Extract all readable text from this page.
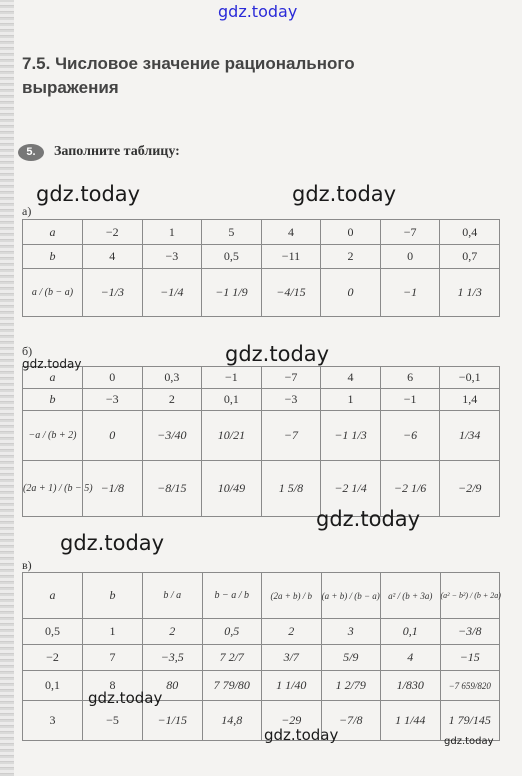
gdz.today
7.5. Числовое значение рационального выражения
5. Заполните таблицу:
а)
a	−2	1	5	4	0	−7	0,4
b	4	−3	0,5	−11	2	0	0,7
a / (b − a)	−1/3	−1/4	−1 1/9	−4/15	0	−1	1 1/3
б)
a	0	0,3	−1	−7	4	6	−0,1
b	−3	2	0,1	−3	1	−1	1,4
−a / (b + 2)	0	−3/40	10/21	−7	−1 1/3	−6	1/34
(2a + 1) / (b − 5)	−1/8	−8/15	10/49	1 5/8	−2 1/4	−2 1/6	−2/9
в)
a	b	b / a	b − a / b	(2a + b) / b	(a + b) / (b − a)	a² / (b + 3a)	(a² − b²) / (b + 2a)
0,5	1	2	0,5	2	3	0,1	−3/8
−2	7	−3,5	7 2/7	3/7	5/9	4	−15
0,1	8	80	7 79/80	1 1/40	1 2/79	1/830	−7 659/820
3	−5	−1/15	14,8	−29	−7/8	1 1/44	1 79/145
gdz.today	gdz.today
gdz.today	gdz.today
gdz.today
gdz.today
gdz.today
gdz.today	gdz.today
